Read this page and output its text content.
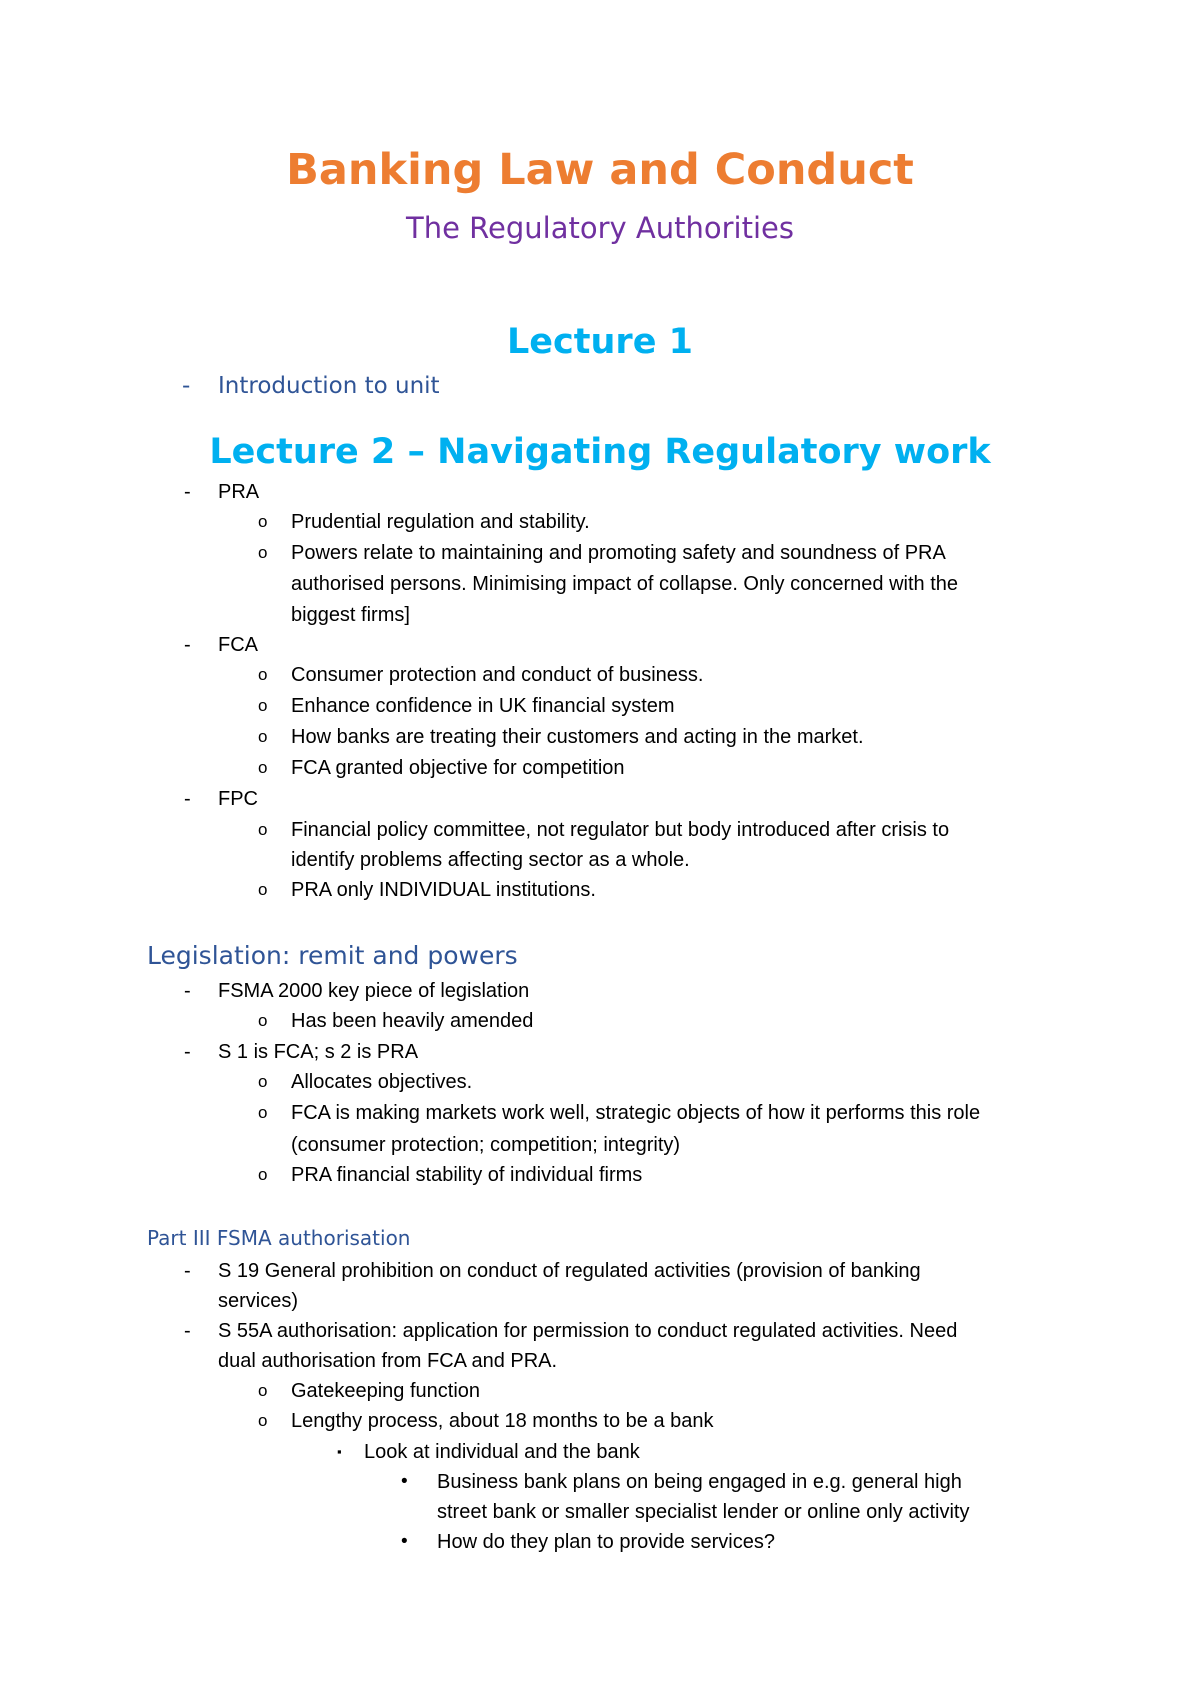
Banking Law and Conduct
The Regulatory Authorities
Lecture 1
- Introduction to unit
Lecture 2 – Navigating Regulatory work
- PRA
o Prudential regulation and stability.
o Powers relate to maintaining and promoting safety and soundness of PRA
authorised persons. Minimising impact of collapse. Only concerned with the
biggest firms]
- FCA
o Consumer protection and conduct of business.
o Enhance confidence in UK financial system
o How banks are treating their customers and acting in the market.
o FCA granted objective for competition
- FPC
o Financial policy committee, not regulator but body introduced after crisis to
identify problems affecting sector as a whole.
o PRA only INDIVIDUAL institutions.
Legislation: remit and powers
- FSMA 2000 key piece of legislation
o Has been heavily amended
- S 1 is FCA; s 2 is PRA
o Allocates objectives.
o FCA is making markets work well, strategic objects of how it performs this role
(consumer protection; competition; integrity)
o PRA financial stability of individual firms
Part III FSMA authorisation
- S 19 General prohibition on conduct of regulated activities (provision of banking
services)
- S 55A authorisation: application for permission to conduct regulated activities. Need
dual authorisation from FCA and PRA.
o Gatekeeping function
o Lengthy process, about 18 months to be a bank
▪ Look at individual and the bank
• Business bank plans on being engaged in e.g. general high
street bank or smaller specialist lender or online only activity
• How do they plan to provide services?
